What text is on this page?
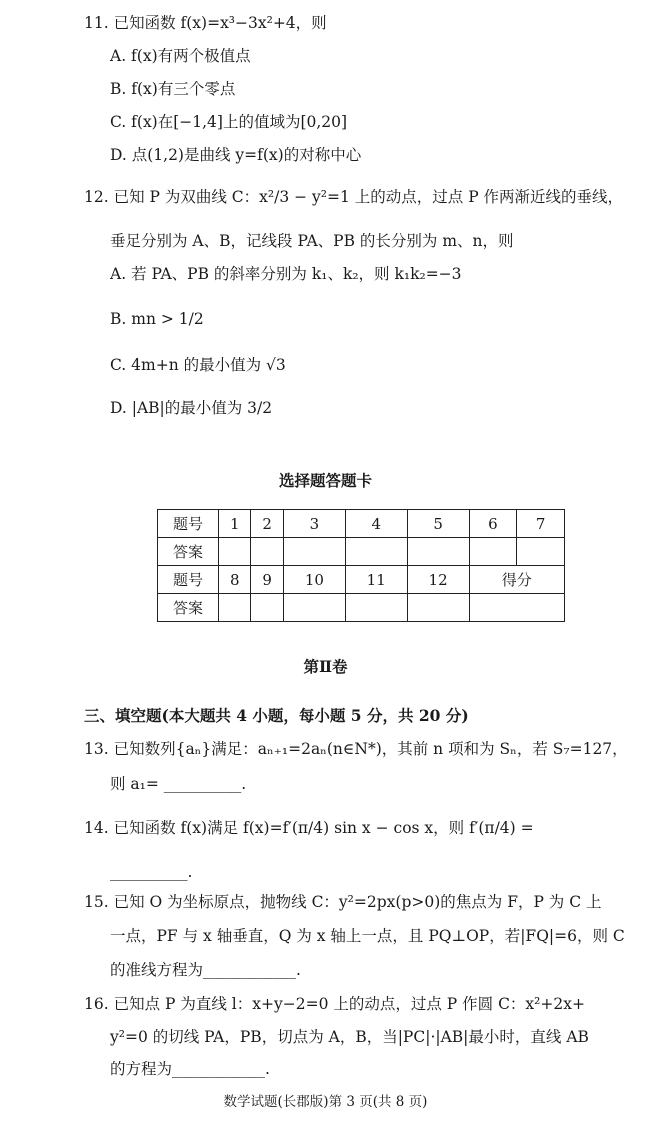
11. 已知函数 f(x)=x³−3x²+4，则
A. f(x)有两个极值点
B. f(x)有三个零点
C. f(x)在[−1,4]上的值域为[0,20]
D. 点(1,2)是曲线 y=f(x)的对称中心
12. 已知 P 为双曲线 C：x²/3 − y²=1 上的动点，过点 P 作两渐近线的垂线，
垂足分别为 A、B，记线段 PA、PB 的长分别为 m、n，则
A. 若 PA、PB 的斜率分别为 k₁、k₂，则 k₁k₂=−3
B. mn > 1/2
C. 4m+n 的最小值为 √3
D. |AB|的最小值为 3/2
选择题答题卡
题号	1	2	3	4	5	6	7
答案							
题号	8	9	10	11	12	得分	
答案							
第Ⅱ卷
三、填空题(本大题共 4 小题，每小题 5 分，共 20 分)
13. 已知数列{aₙ}满足：aₙ₊₁=2aₙ(n∈N*)，其前 n 项和为 Sₙ，若 S₇=127，
则 a₁= __________.
14. 已知函数 f(x)满足 f(x)=f′(π/4) sin x − cos x，则 f′(π/4) =
__________.
15. 已知 O 为坐标原点，抛物线 C：y²=2px(p>0)的焦点为 F，P 为 C 上
一点，PF 与 x 轴垂直，Q 为 x 轴上一点，且 PQ⊥OP，若|FQ|=6，则 C
的准线方程为____________.
16. 已知点 P 为直线 l：x+y−2=0 上的动点，过点 P 作圆 C：x²+2x+
y²=0 的切线 PA，PB，切点为 A，B，当|PC|·|AB|最小时，直线 AB
的方程为____________.
数学试题(长郡版)第 3 页(共 8 页)
